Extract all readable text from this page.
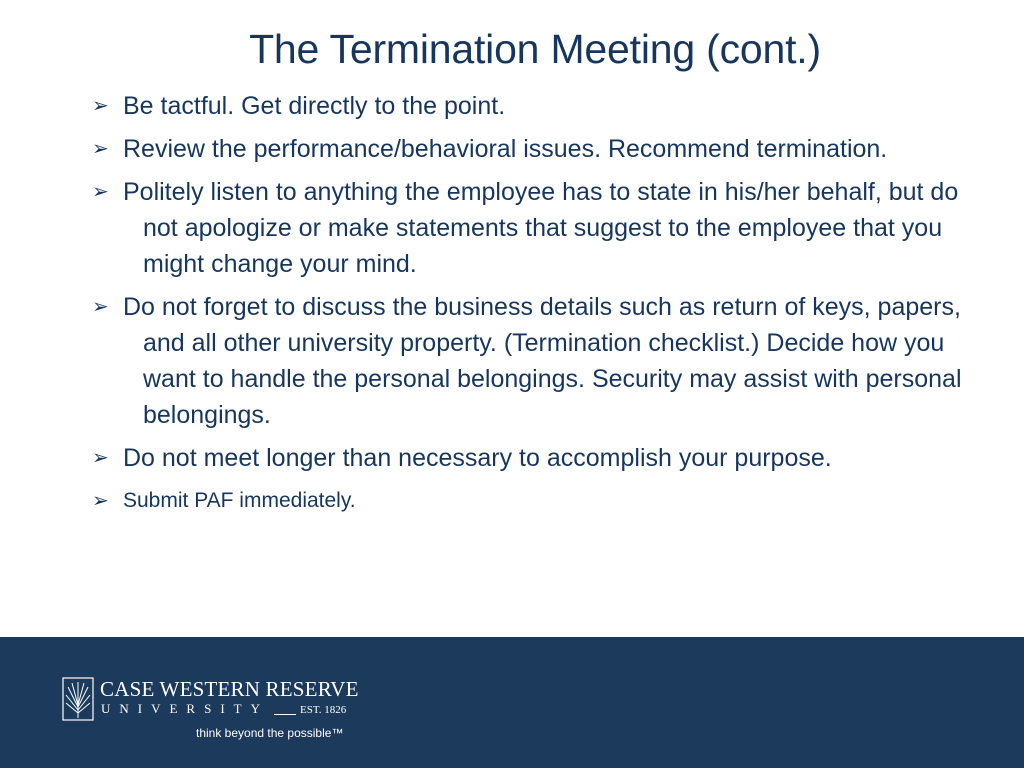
The Termination Meeting (cont.)
➢ Be tactful. Get directly to the point.
➢ Review the performance/behavioral issues. Recommend termination.
➢ Politely listen to anything the employee has to state in his/her behalf, but do not apologize or make statements that suggest to the employee that you might change your mind.
➢ Do not forget to discuss the business details such as return of keys, papers, and all other university property. (Termination checklist.) Decide how you want to handle the personal belongings. Security may assist with personal belongings.
➢ Do not meet longer than necessary to accomplish your purpose.
➢ Submit PAF immediately.
CASE WESTERN RESERVE
UNIVERSITY	EST. 1826
think beyond the possible™
